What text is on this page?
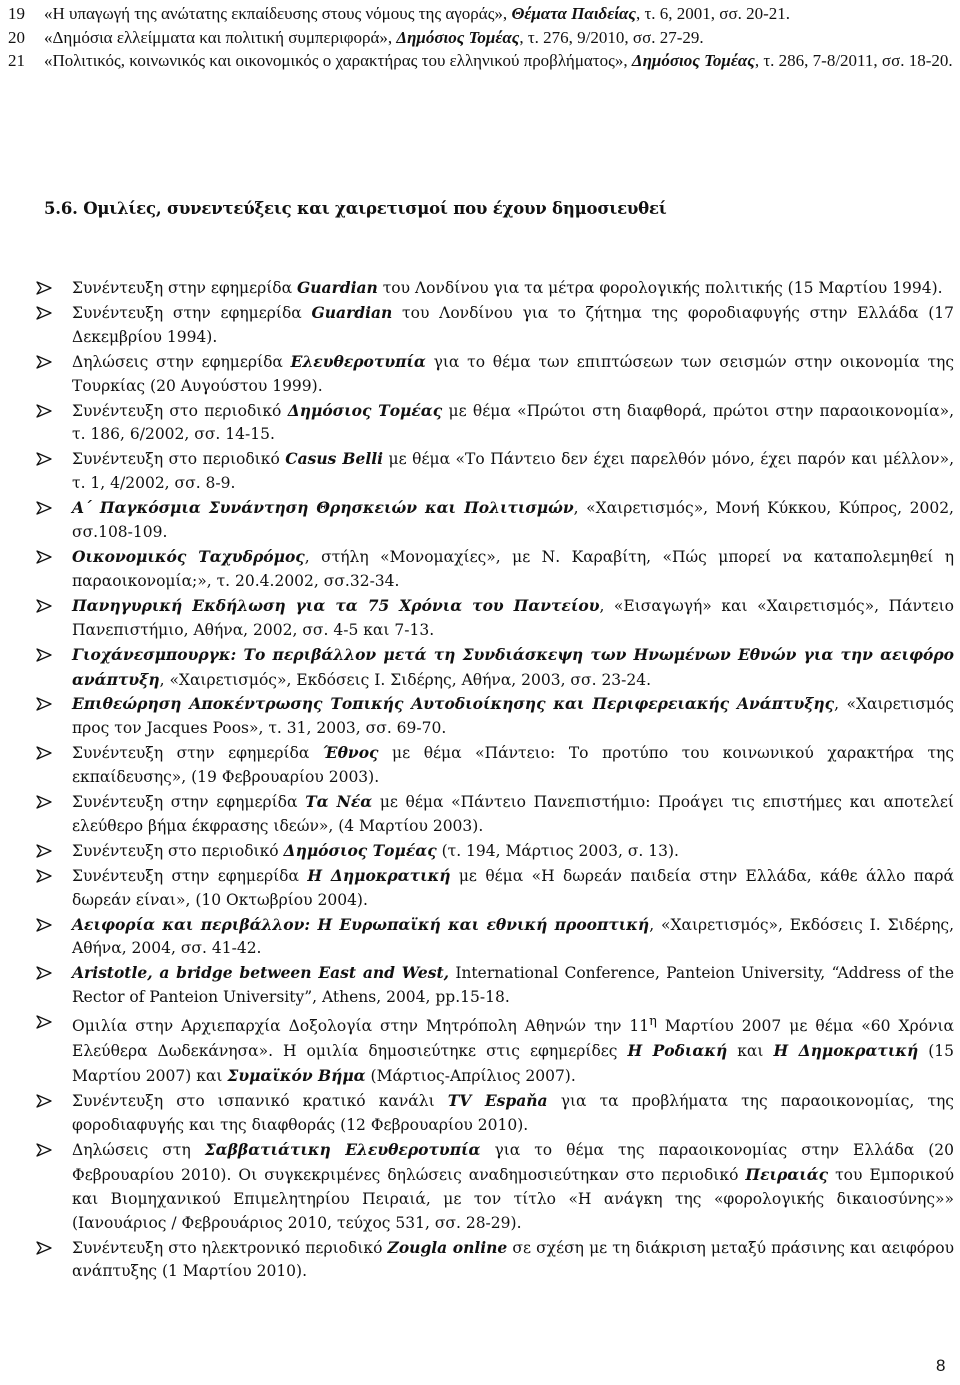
19 «Η υπαγωγή της ανώτατης εκπαίδευσης στους νόμους της αγοράς», Θέματα Παιδείας, τ. 6, 2001, σσ. 20-21.
20 «Δημόσια ελλείμματα και πολιτική συμπεριφορά», Δημόσιος Τομέας, τ. 276, 9/2010, σσ. 27-29.
21 «Πολιτικός, κοινωνικός και οικονομικός ο χαρακτήρας του ελληνικού προβλήματος», Δημόσιος Τομέας, τ. 286, 7-8/2011, σσ. 18-20.
5.6. Ομιλίες, συνεντεύξεις και χαιρετισμοί που έχουν δημοσιευθεί

Συνέντευξη στην εφημερίδα Guardian του Λονδίνου για τα μέτρα φορολογικής πολιτικής (15 Μαρτίου 1994).

Συνέντευξη στην εφημερίδα Guardian του Λονδίνου για το ζήτημα της φοροδιαφυγής στην Ελλάδα (17 Δεκεμβρίου 1994).

Δηλώσεις στην εφημερίδα Ελευθεροτυπία για το θέμα των επιπτώσεων των σεισμών στην οικονομία της Τουρκίας (20 Αυγούστου 1999).

Συνέντευξη στο περιοδικό Δημόσιος Τομέας με θέμα «Πρώτοι στη διαφθορά, πρώτοι στην παραοικονομία», τ. 186, 6/2002, σσ. 14-15.

Συνέντευξη στο περιοδικό Casus Belli με θέμα «Το Πάντειο δεν έχει παρελθόν μόνο, έχει παρόν και μέλλον», τ. 1, 4/2002, σσ. 8-9.

Α΄ Παγκόσμια Συνάντηση Θρησκειών και Πολιτισμών, «Χαιρετισμός», Μονή Κύκκου, Κύπρος, 2002, σσ.108-109.

Οικονομικός Ταχυδρόμος, στήλη «Μονομαχίες», με Ν. Καραβίτη, «Πώς μπορεί να καταπολεμηθεί η παραοικονομία;», τ. 20.4.2002, σσ.32-34.

Πανηγυρική Εκδήλωση για τα 75 Χρόνια του Παντείου, «Εισαγωγή» και «Χαιρετισμός», Πάντειο Πανεπιστήμιο, Αθήνα, 2002, σσ. 4-5 και 7-13.

Γιοχάνεσμπουργκ: Το περιβάλλον μετά τη Συνδιάσκεψη των Ηνωμένων Εθνών για την αειφόρο ανάπτυξη, «Χαιρετισμός», Εκδόσεις Ι. Σιδέρης, Αθήνα, 2003, σσ. 23-24.

Επιθεώρηση Αποκέντρωσης Τοπικής Αυτοδιοίκησης και Περιφερειακής Ανάπτυξης, «Χαιρετισμός προς τον Jacques Poos», τ. 31, 2003, σσ. 69-70.

Συνέντευξη στην εφημερίδα Έθνος με θέμα «Πάντειο: Το προτύπο του κοινωνικού χαρακτήρα της εκπαίδευσης», (19 Φεβρουαρίου 2003).

Συνέντευξη στην εφημερίδα Τα Νέα με θέμα «Πάντειο Πανεπιστήμιο: Προάγει τις επιστήμες και αποτελεί ελεύθερο βήμα έκφρασης ιδεών», (4 Μαρτίου 2003).

Συνέντευξη στο περιοδικό Δημόσιος Τομέας (τ. 194, Μάρτιος 2003, σ. 13).

Συνέντευξη στην εφημερίδα Η Δημοκρατική με θέμα «Η δωρεάν παιδεία στην Ελλάδα, κάθε άλλο παρά δωρεάν είναι», (10 Οκτωβρίου 2004).

Αειφορία και περιβάλλον: Η Ευρωπαϊκή και εθνική προοπτική, «Χαιρετισμός», Εκδόσεις Ι. Σιδέρης, Αθήνα, 2004, σσ. 41-42.

Aristotle, a bridge between East and West, International Conference, Panteion University, “Address of the Rector of Panteion University”, Athens, 2004, pp.15-18.

Ομιλία στην Αρχιεπαρχία Δοξολογία στην Μητρόπολη Αθηνών την $11^\eta$ Μαρτίου 2007 με θέμα «60 Χρόνια Ελεύθερα Δωδεκάνησα». Η ομιλία δημοσιεύτηκε στις εφημερίδες Η Ροδιακή και Η Δημοκρατική (15 Μαρτίου 2007) και Συμαϊκόν Βήμα (Μάρτιος-Απρίλιος 2007).

Συνέντευξη στο ισπανικό κρατικό κανάλι TV Espaňa για τα προβλήματα της παραοικονομίας, της φοροδιαφυγής και της διαφθοράς (12 Φεβρουαρίου 2010).

Δηλώσεις στη Σαββατιάτικη Ελευθεροτυπία για το θέμα της παραοικονομίας στην Ελλάδα (20 Φεβρουαρίου 2010). Οι συγκεκριμένες δηλώσεις αναδημοσιεύτηκαν στο περιοδικό Πειραιάς του Εμπορικού και Βιομηχανικού Επιμελητηρίου Πειραιά, με τον τίτλο «Η ανάγκη της «φορολογικής δικαιοσύνης»» (Ιανουάριος / Φεβρουάριος 2010, τεύχος 531, σσ. 28-29).

Συνέντευξη στο ηλεκτρονικό περιοδικό Zougla online σε σχέση με τη διάκριση μεταξύ πράσινης και αειφόρου ανάπτυξης (1 Μαρτίου 2010).

8
